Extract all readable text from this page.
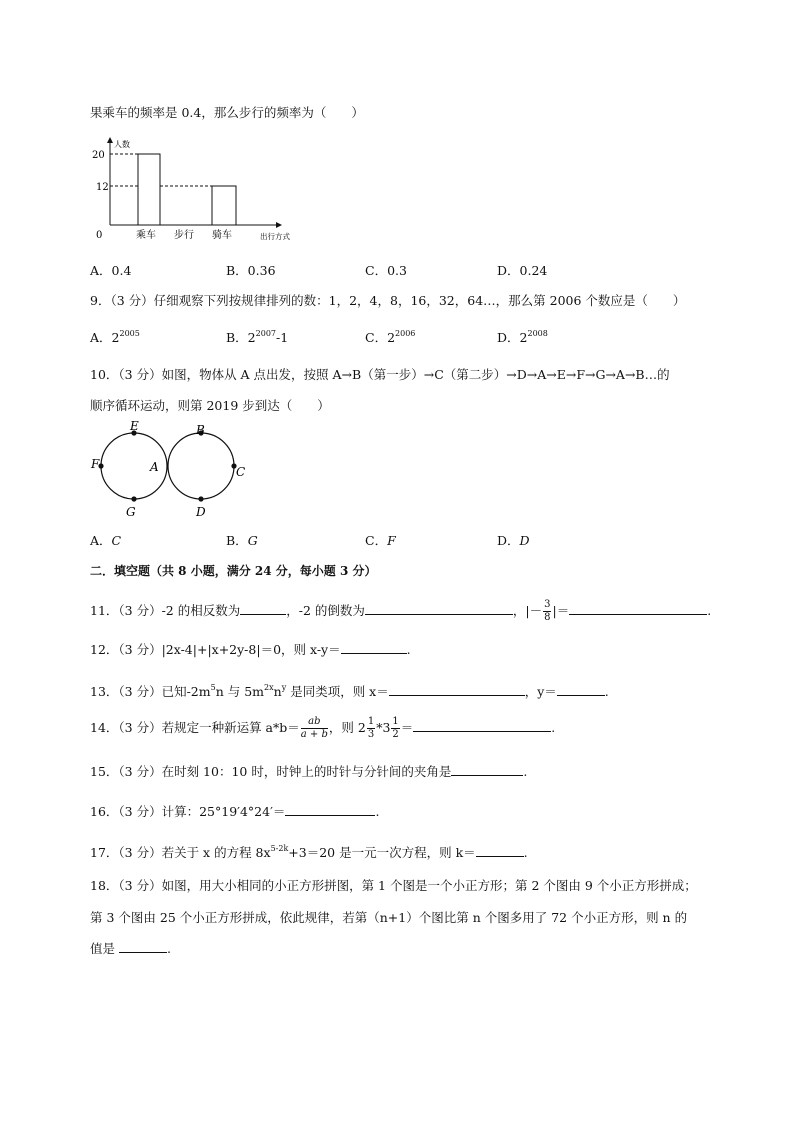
果乘车的频率是 0.4，那么步行的频率为（　　）
人数
20
12
0	乘车 步行 骑车	出行方式
A．0.4	B．0.36	C．0.3	D．0.24
9．（3 分）仔细观察下列按规律排列的数：1，2，4，8，16，32，64…，那么第 2006 个数应是（　　）
A．$2^{2005}$	B．$2^{2007}-1$	C．$2^{2006}$	D．$2^{2008}$
10．（3 分）如图，物体从 A 点出发，按照 A→B（第一步）→C（第二步）→D→A→E→F→G→A→B…的
顺序循环运动，则第 2019 步到达（　　）
E	B
F	A	C
G	D
A．C	B．G	C．F	D．D
二．填空题（共 8 小题，满分 24 分，每小题 3 分）
11．（3 分）-2 的相反数为	，-2 的倒数为	，|－ $\frac{3}{8}$ |＝	.
12．（3 分）|2x-4|+|x+2y-8|＝0，则 x-y＝	.
13．（3 分）已知$-2m^5n$ 与 $5m^{2x}n^y$ 是同类项，则 x＝	，y＝	.
14．（3 分）若规定一种新运算 $a*b= \frac{ab}{a + b}$ ，则 $2 \frac{1}{3} *3 \frac{1}{2}$ ＝	.
15．（3 分）在时刻 10：10 时，时钟上的时针与分针间的夹角是	.
16．（3 分）计算：25°19′4°24′＝	.
17．（3 分）若关于 x 的方程 $8x^{5-2k}+3=20$ 是一元一次方程，则 k＝	.
18．（3 分）如图，用大小相同的小正方形拼图，第 1 个图是一个小正方形；第 2 个图由 9 个小正方形拼成；
第 3 个图由 25 个小正方形拼成，依此规律，若第（n+1）个图比第 n 个图多用了 72 个小正方形，则 n 的
值是	.
